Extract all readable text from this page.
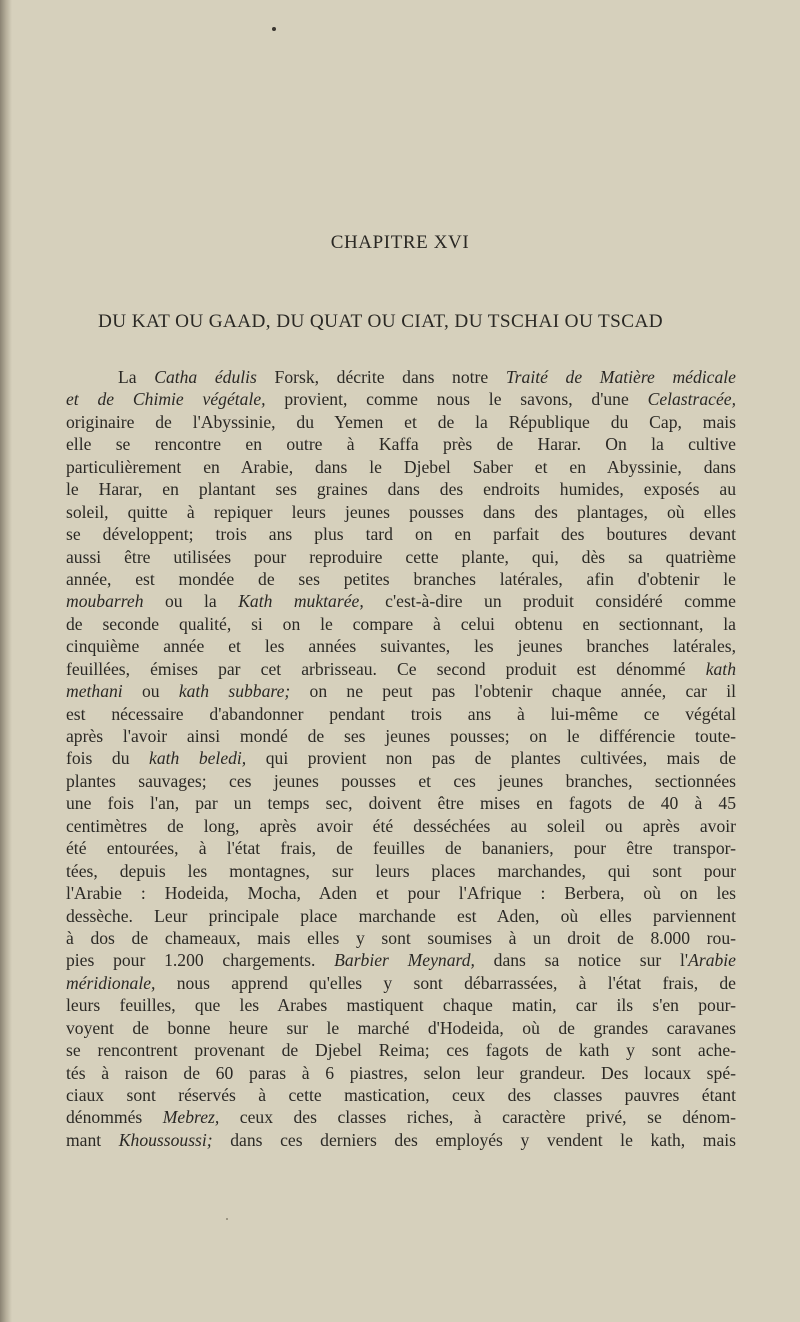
CHAPITRE XVI
DU KAT OU GAAD, DU QUAT OU CIAT, DU TSCHAI OU TSCAD
La Catha édulis Forsk, décrite dans notre Traité de Matière médicale
et de Chimie végétale, provient, comme nous le savons, d'une Celastracée,
originaire de l'Abyssinie, du Yemen et de la République du Cap, mais
elle se rencontre en outre à Kaffa près de Harar. On la cultive
particulièrement en Arabie, dans le Djebel Saber et en Abyssinie, dans
le Harar, en plantant ses graines dans des endroits humides, exposés au
soleil, quitte à repiquer leurs jeunes pousses dans des plantages, où elles
se développent; trois ans plus tard on en parfait des boutures devant
aussi être utilisées pour reproduire cette plante, qui, dès sa quatrième
année, est mondée de ses petites branches latérales, afin d'obtenir le
moubarreh ou la Kath muktarée, c'est-à-dire un produit considéré comme
de seconde qualité, si on le compare à celui obtenu en sectionnant, la
cinquième année et les années suivantes, les jeunes branches latérales,
feuillées, émises par cet arbrisseau. Ce second produit est dénommé kath
methani ou kath subbare; on ne peut pas l'obtenir chaque année, car il
est nécessaire d'abandonner pendant trois ans à lui-même ce végétal
après l'avoir ainsi mondé de ses jeunes pousses; on le différencie toute-
fois du kath beledi, qui provient non pas de plantes cultivées, mais de
plantes sauvages; ces jeunes pousses et ces jeunes branches, sectionnées
une fois l'an, par un temps sec, doivent être mises en fagots de 40 à 45
centimètres de long, après avoir été desséchées au soleil ou après avoir
été entourées, à l'état frais, de feuilles de bananiers, pour être transpor-
tées, depuis les montagnes, sur leurs places marchandes, qui sont pour
l'Arabie : Hodeida, Mocha, Aden et pour l'Afrique : Berbera, où on les
dessèche. Leur principale place marchande est Aden, où elles parviennent
à dos de chameaux, mais elles y sont soumises à un droit de 8.000 rou-
pies pour 1.200 chargements. Barbier Meynard, dans sa notice sur l'Arabie
méridionale, nous apprend qu'elles y sont débarrassées, à l'état frais, de
leurs feuilles, que les Arabes mastiquent chaque matin, car ils s'en pour-
voyent de bonne heure sur le marché d'Hodeida, où de grandes caravanes
se rencontrent provenant de Djebel Reima; ces fagots de kath y sont ache-
tés à raison de 60 paras à 6 piastres, selon leur grandeur. Des locaux spé-
ciaux sont réservés à cette mastication, ceux des classes pauvres étant
dénommés Mebrez, ceux des classes riches, à caractère privé, se dénom-
mant Khoussoussi; dans ces derniers des employés y vendent le kath, mais
